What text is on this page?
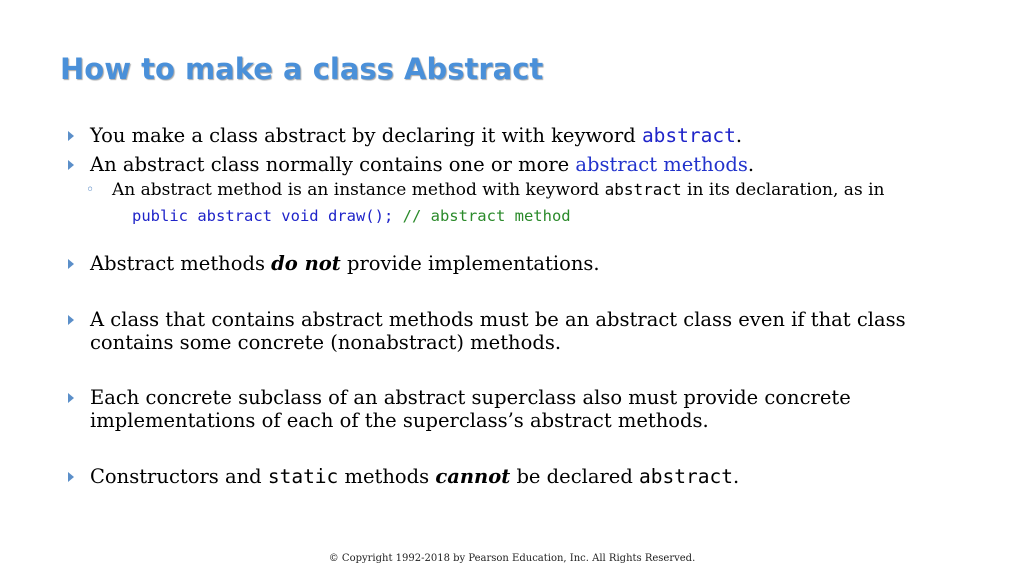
How to make a class Abstract
You make a class abstract by declaring it with keyword abstract.
An abstract class normally contains one or more abstract methods.
◦ An abstract method is an instance method with keyword abstract in its declaration, as in
public abstract void draw(); // abstract method
Abstract methods do not provide implementations.
A class that contains abstract methods must be an abstract class even if that class
contains some concrete (nonabstract) methods.
Each concrete subclass of an abstract superclass also must provide concrete
implementations of each of the superclass’s abstract methods.
Constructors and static methods cannot be declared abstract.
© Copyright 1992-2018 by Pearson Education, Inc. All Rights Reserved.
